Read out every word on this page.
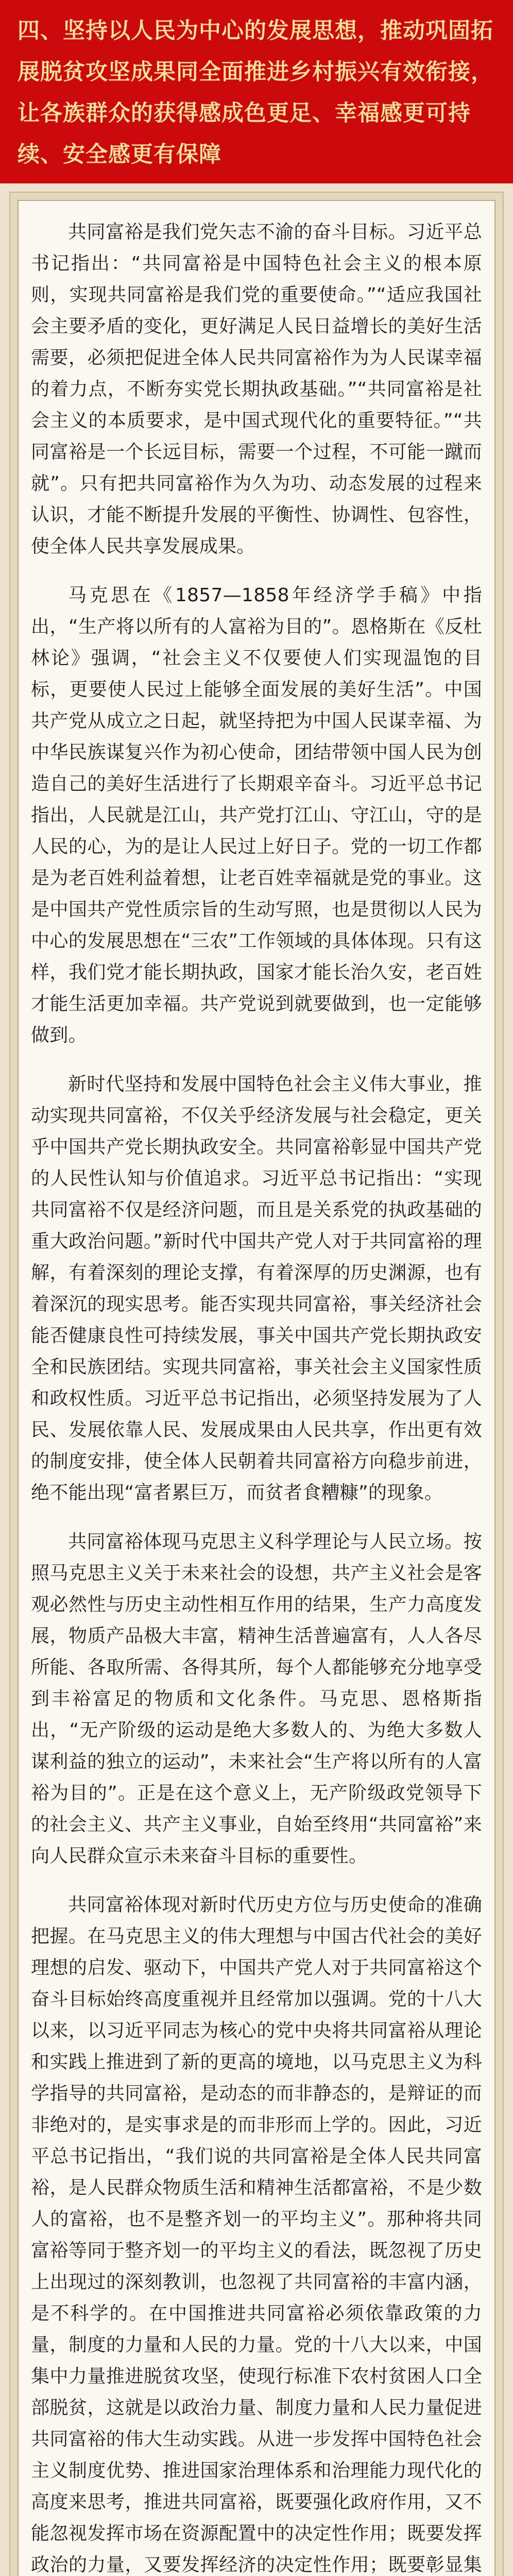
四、坚持以人民为中心的发展思想，推动巩固拓展脱贫攻坚成果同全面推进乡村振兴有效衔接，让各族群众的获得感成色更足、幸福感更可持续、安全感更有保障

共同富裕是我们党矢志不渝的奋斗目标。习近平总书记指出：“共同富裕是中国特色社会主义的根本原则，实现共同富裕是我们党的重要使命。”“适应我国社会主要矛盾的变化，更好满足人民日益增长的美好生活需要，必须把促进全体人民共同富裕作为为人民谋幸福的着力点，不断夯实党长期执政基础。”“共同富裕是社会主义的本质要求，是中国式现代化的重要特征。”“共同富裕是一个长远目标，需要一个过程，不可能一蹴而就”。只有把共同富裕作为久为功、动态发展的过程来认识，才能不断提升发展的平衡性、协调性、包容性，使全体人民共享发展成果。

马克思在《1857—1858年经济学手稿》中指出，“生产将以所有的人富裕为目的”。恩格斯在《反杜林论》强调，“社会主义不仅要使人们实现温饱的目标，更要使人民过上能够全面发展的美好生活”。中国共产党从成立之日起，就坚持把为中国人民谋幸福、为中华民族谋复兴作为初心使命，团结带领中国人民为创造自己的美好生活进行了长期艰辛奋斗。习近平总书记指出，人民就是江山，共产党打江山、守江山，守的是人民的心，为的是让人民过上好日子。党的一切工作都是为老百姓利益着想，让老百姓幸福就是党的事业。这是中国共产党性质宗旨的生动写照，也是贯彻以人民为中心的发展思想在“三农”工作领域的具体体现。只有这样，我们党才能长期执政，国家才能长治久安，老百姓才能生活更加幸福。共产党说到就要做到，也一定能够做到。

新时代坚持和发展中国特色社会主义伟大事业，推动实现共同富裕，不仅关乎经济发展与社会稳定，更关乎中国共产党长期执政安全。共同富裕彰显中国共产党的人民性认知与价值追求。习近平总书记指出：“实现共同富裕不仅是经济问题，而且是关系党的执政基础的重大政治问题。”新时代中国共产党人对于共同富裕的理解，有着深刻的理论支撑，有着深厚的历史渊源，也有着深沉的现实思考。能否实现共同富裕，事关经济社会能否健康良性可持续发展，事关中国共产党长期执政安全和民族团结。实现共同富裕，事关社会主义国家性质和政权性质。习近平总书记指出，必须坚持发展为了人民、发展依靠人民、发展成果由人民共享，作出更有效的制度安排，使全体人民朝着共同富裕方向稳步前进，绝不能出现“富者累巨万，而贫者食糟糠”的现象。

共同富裕体现马克思主义科学理论与人民立场。按照马克思主义关于未来社会的设想，共产主义社会是客观必然性与历史主动性相互作用的结果，生产力高度发展，物质产品极大丰富，精神生活普遍富有，人人各尽所能、各取所需、各得其所，每个人都能够充分地享受到丰裕富足的物质和文化条件。马克思、恩格斯指出，“无产阶级的运动是绝大多数人的、为绝大多数人谋利益的独立的运动”，未来社会“生产将以所有的人富裕为目的”。正是在这个意义上，无产阶级政党领导下的社会主义、共产主义事业，自始至终用“共同富裕”来向人民群众宣示未来奋斗目标的重要性。

共同富裕体现对新时代历史方位与历史使命的准确把握。在马克思主义的伟大理想与中国古代社会的美好理想的启发、驱动下，中国共产党人对于共同富裕这个奋斗目标始终高度重视并且经常加以强调。党的十八大以来，以习近平同志为核心的党中央将共同富裕从理论和实践上推进到了新的更高的境地，以马克思主义为科学指导的共同富裕，是动态的而非静态的，是辩证的而非绝对的，是实事求是的而非形而上学的。因此，习近平总书记指出，“我们说的共同富裕是全体人民共同富裕，是人民群众物质生活和精神生活都富裕，不是少数人的富裕，也不是整齐划一的平均主义”。那种将共同富裕等同于整齐划一的平均主义的看法，既忽视了历史上出现过的深刻教训，也忽视了共同富裕的丰富内涵，是不科学的。在中国推进共同富裕必须依靠政策的力量，制度的力量和人民的力量。党的十八大以来，中国集中力量推进脱贫攻坚，使现行标准下农村贫困人口全部脱贫，这就是以政治力量、制度力量和人民力量促进共同富裕的伟大生动实践。从进一步发挥中国特色社会主义制度优势、推进国家治理体系和治理能力现代化的高度来思考，推进共同富裕，既要强化政府作用，又不能忽视发挥市场在资源配置中的决定性作用；既要发挥政治的力量，又要发挥经济的决定性作用；既要彰显集
